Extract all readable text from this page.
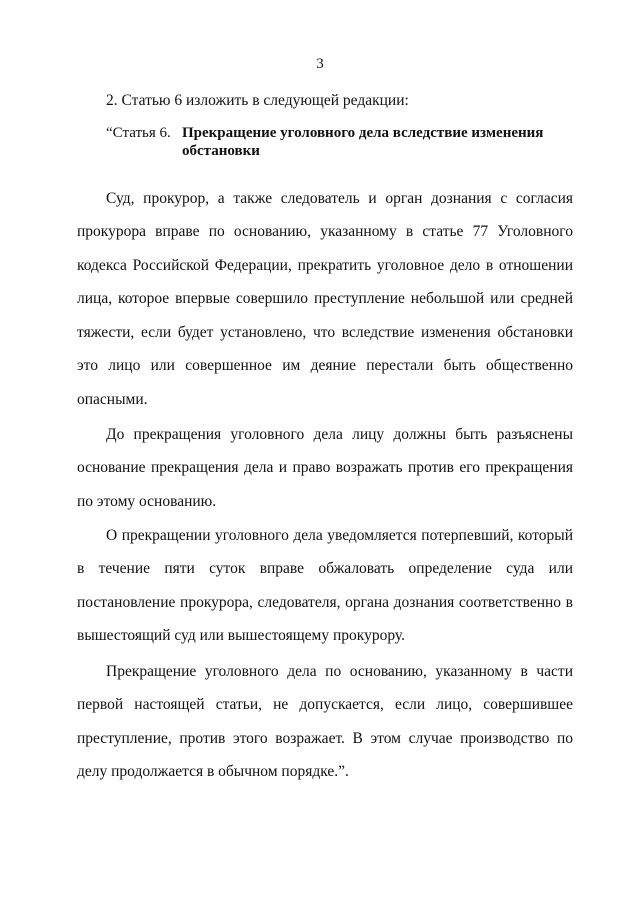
3
2. Статью 6 изложить в следующей редакции:
“Статья 6. Прекращение уголовного дела вследствие изменения обстановки

Суд, прокурор, а также следователь и орган дознания с согласия прокурора вправе по основанию, указанному в статье 77 Уголовного кодекса Российской Федерации, прекратить уголовное дело в отношении лица, которое впервые совершило преступление небольшой или средней тяжести, если будет установлено, что вследствие изменения обстановки это лицо или совершенное им деяние перестали быть общественно опасными.

До прекращения уголовного дела лицу должны быть разъяснены основание прекращения дела и право возражать против его прекращения по этому основанию.

О прекращении уголовного дела уведомляется потерпевший, который в течение пяти суток вправе обжаловать определение суда или постановление прокурора, следователя, органа дознания соответственно в вышестоящий суд или вышестоящему прокурору.

Прекращение уголовного дела по основанию, указанному в части первой настоящей статьи, не допускается, если лицо, совершившее преступление, против этого возражает. В этом случае производство по делу продолжается в обычном порядке.”.
